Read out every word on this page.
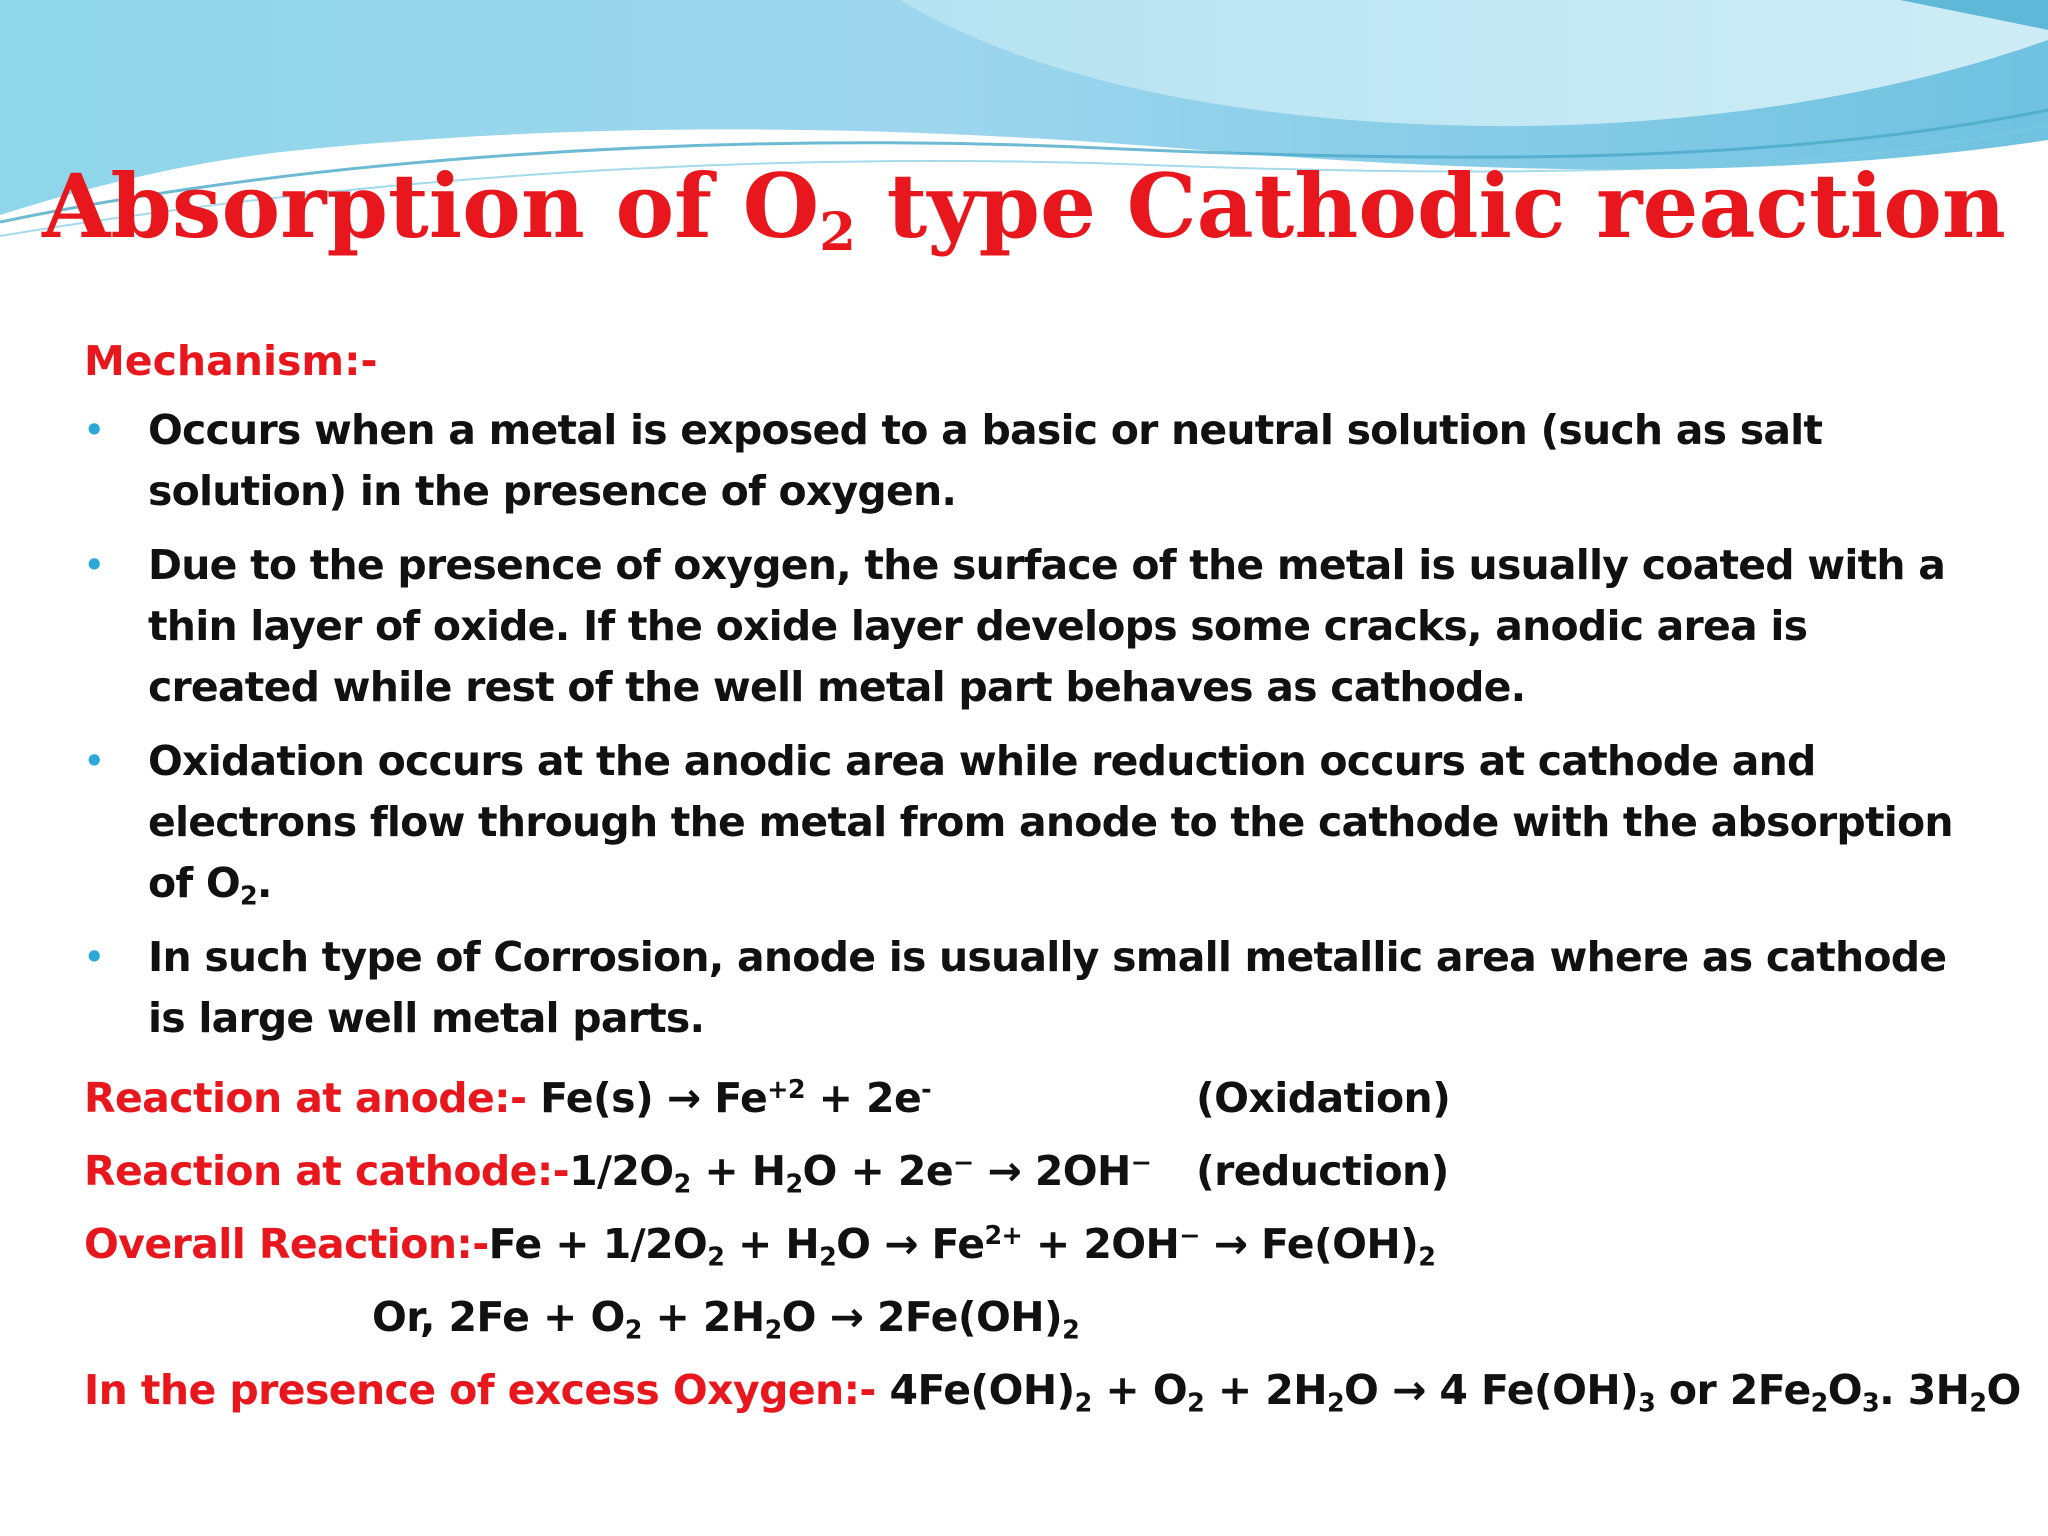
Absorption of $O_2$ type Cathodic reaction
Mechanism:-
• Occurs when a metal is exposed to a basic or neutral solution (such as salt solution) in the presence of oxygen.
• Due to the presence of oxygen, the surface of the metal is usually coated with a thin layer of oxide. If the oxide layer develops some cracks, anodic area is created while rest of the well metal part behaves as cathode.
• Oxidation occurs at the anodic area while reduction occurs at cathode and electrons flow through the metal from anode to the cathode with the absorption of $O_2$.
• In such type of Corrosion, anode is usually small metallic area where as cathode is large well metal parts.
Reaction at anode:- $Fe(s) \to Fe^{+2} + 2e^-$	(Oxidation)
Reaction at $cathode:-1/2O_2 + H_2O + 2e^- \to 2OH^-$ (reduction)
Overall Reaction:-Fe + $1/2O_2 + H_2O \to Fe^{2+} + 2OH^- \to Fe(OH)_2$
Or, $2Fe + O_2 + 2H_2O \to 2Fe(OH)_2$
In the presence of excess Oxygen:- $4Fe(OH)_2 + O_2 + 2H_2O \to 4$ $Fe(OH)_3$ or $2Fe_2O_3$. $3H_2O$
